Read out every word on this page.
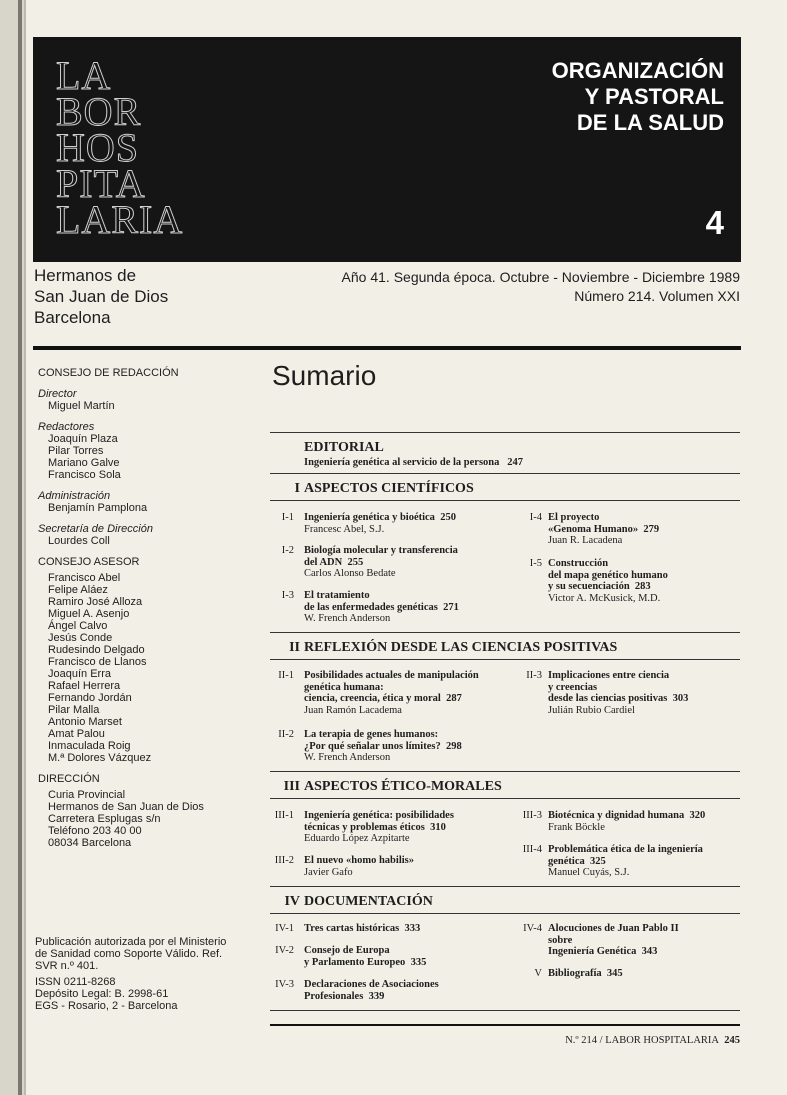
LA
BOR
HOS
PITA
LARIA
ORGANIZACIÓN
Y PASTORAL
DE LA SALUD
4
Hermanos de
San Juan de Dios
Barcelona
Año 41. Segunda época. Octubre - Noviembre - Diciembre 1989
Número 214. Volumen XXI
CONSEJO DE REDACCIÓN
Director
Miguel Martín
Redactores
Joaquín Plaza
Pilar Torres
Mariano Galve
Francisco Sola
Administración
Benjamín Pamplona
Secretaría de Dirección
Lourdes Coll
CONSEJO ASESOR
Francisco Abel
Felipe Aláez
Ramiro José Alloza
Miguel A. Asenjo
Ángel Calvo
Jesús Conde
Rudesindo Delgado
Francisco de Llanos
Joaquín Erra
Rafael Herrera
Fernando Jordán
Pilar Malla
Antonio Marset
Amat Palou
Inmaculada Roig
M.ª Dolores Vázquez
DIRECCIÓN
Curia Provincial
Hermanos de San Juan de Dios
Carretera Esplugas s/n
Teléfono 203 40 00
08034 Barcelona
Publicación autorizada por el Ministerio
de Sanidad como Soporte Válido. Ref.
SVR n.º 401.
ISSN 0211-8268
Depósito Legal: B. 2998-61
EGS - Rosario, 2 - Barcelona
Sumario
EDITORIAL
Ingeniería genética al servicio de la persona 247
I ASPECTOS CIENTÍFICOS
I-1 Ingeniería genética y bioética 250
Francesc Abel, S.J.
I-2 Biología molecular y transferencia
del ADN 255
Carlos Alonso Bedate
I-3 El tratamiento
de las enfermedades genéticas 271
W. French Anderson
I-4 El proyecto
«Genoma Humano» 279
Juan R. Lacadena
I-5 Construcción
del mapa genético humano
y su secuenciación 283
Victor A. McKusick, M.D.
II REFLEXIÓN DESDE LAS CIENCIAS POSITIVAS
II-1 Posibilidades actuales de manipulación
genética humana:
ciencia, creencia, ética y moral 287
Juan Ramón Lacadema
II-2 La terapia de genes humanos:
¿Por qué señalar unos límites? 298
W. French Anderson
II-3 Implicaciones entre ciencia
y creencias
desde las ciencias positivas 303
Julián Rubio Cardiel
III ASPECTOS ÉTICO-MORALES
III-1 Ingeniería genética: posibilidades
técnicas y problemas éticos 310
Eduardo López Azpitarte
III-2 El nuevo «homo habilis»
Javier Gafo
III-3 Biotécnica y dignidad humana 320
Frank Böckle
III-4 Problemática ética de la ingeniería
genética 325
Manuel Cuyás, S.J.
IV DOCUMENTACIÓN
IV-1 Tres cartas históricas 333
IV-2 Consejo de Europa
y Parlamento Europeo 335
IV-3 Declaraciones de Asociaciones
Profesionales 339
IV-4 Alocuciones de Juan Pablo II
sobre
Ingeniería Genética 343
V Bibliografía 345
N.º 214 / LABOR HOSPITALARIA 245
